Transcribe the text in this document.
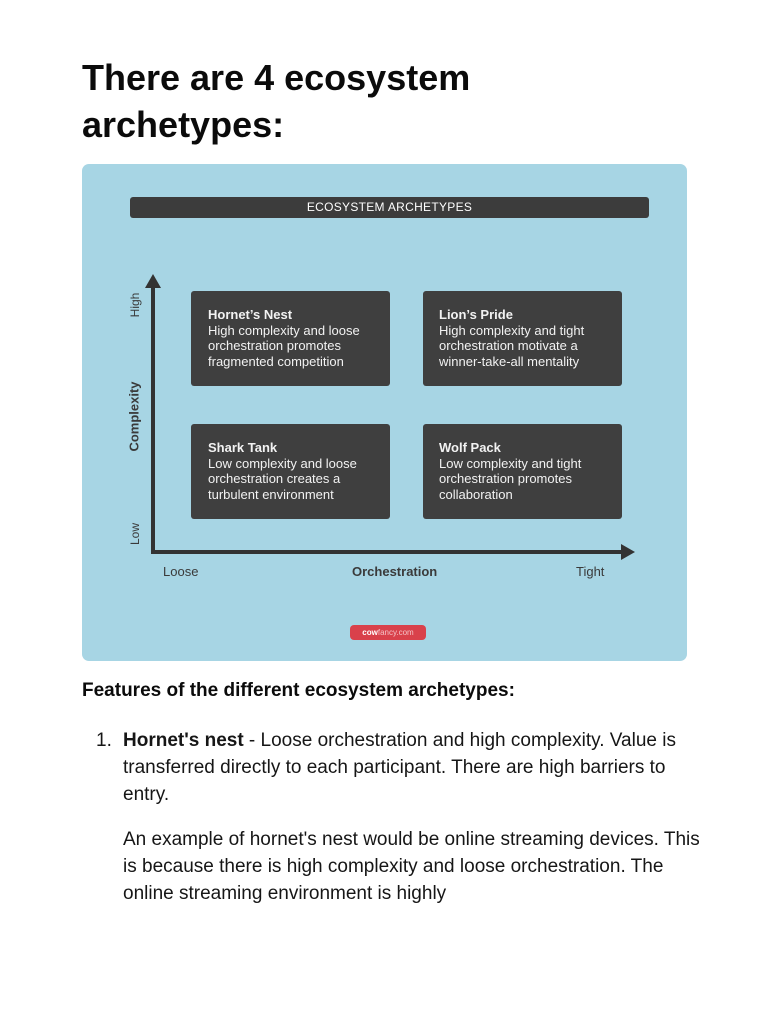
There are 4 ecosystem archetypes:
ECOSYSTEM ARCHETYPES
High
Complexity
Low
Loose	Orchestration	Tight
Hornet’s Nest
High complexity and loose orchestration promotes fragmented competition
Lion’s Pride
High complexity and tight orchestration motivate a winner-take-all mentality
Shark Tank
Low complexity and loose orchestration creates a turbulent environment
Wolf Pack
Low complexity and tight orchestration promotes collaboration
cowfancy.com
Features of the different ecosystem archetypes:
1. Hornet's nest - Loose orchestration and high complexity. Value is transferred directly to each participant. There are high barriers to entry.

An example of hornet's nest would be online streaming devices. This is because there is high complexity and loose orchestration. The online streaming environment is highly
